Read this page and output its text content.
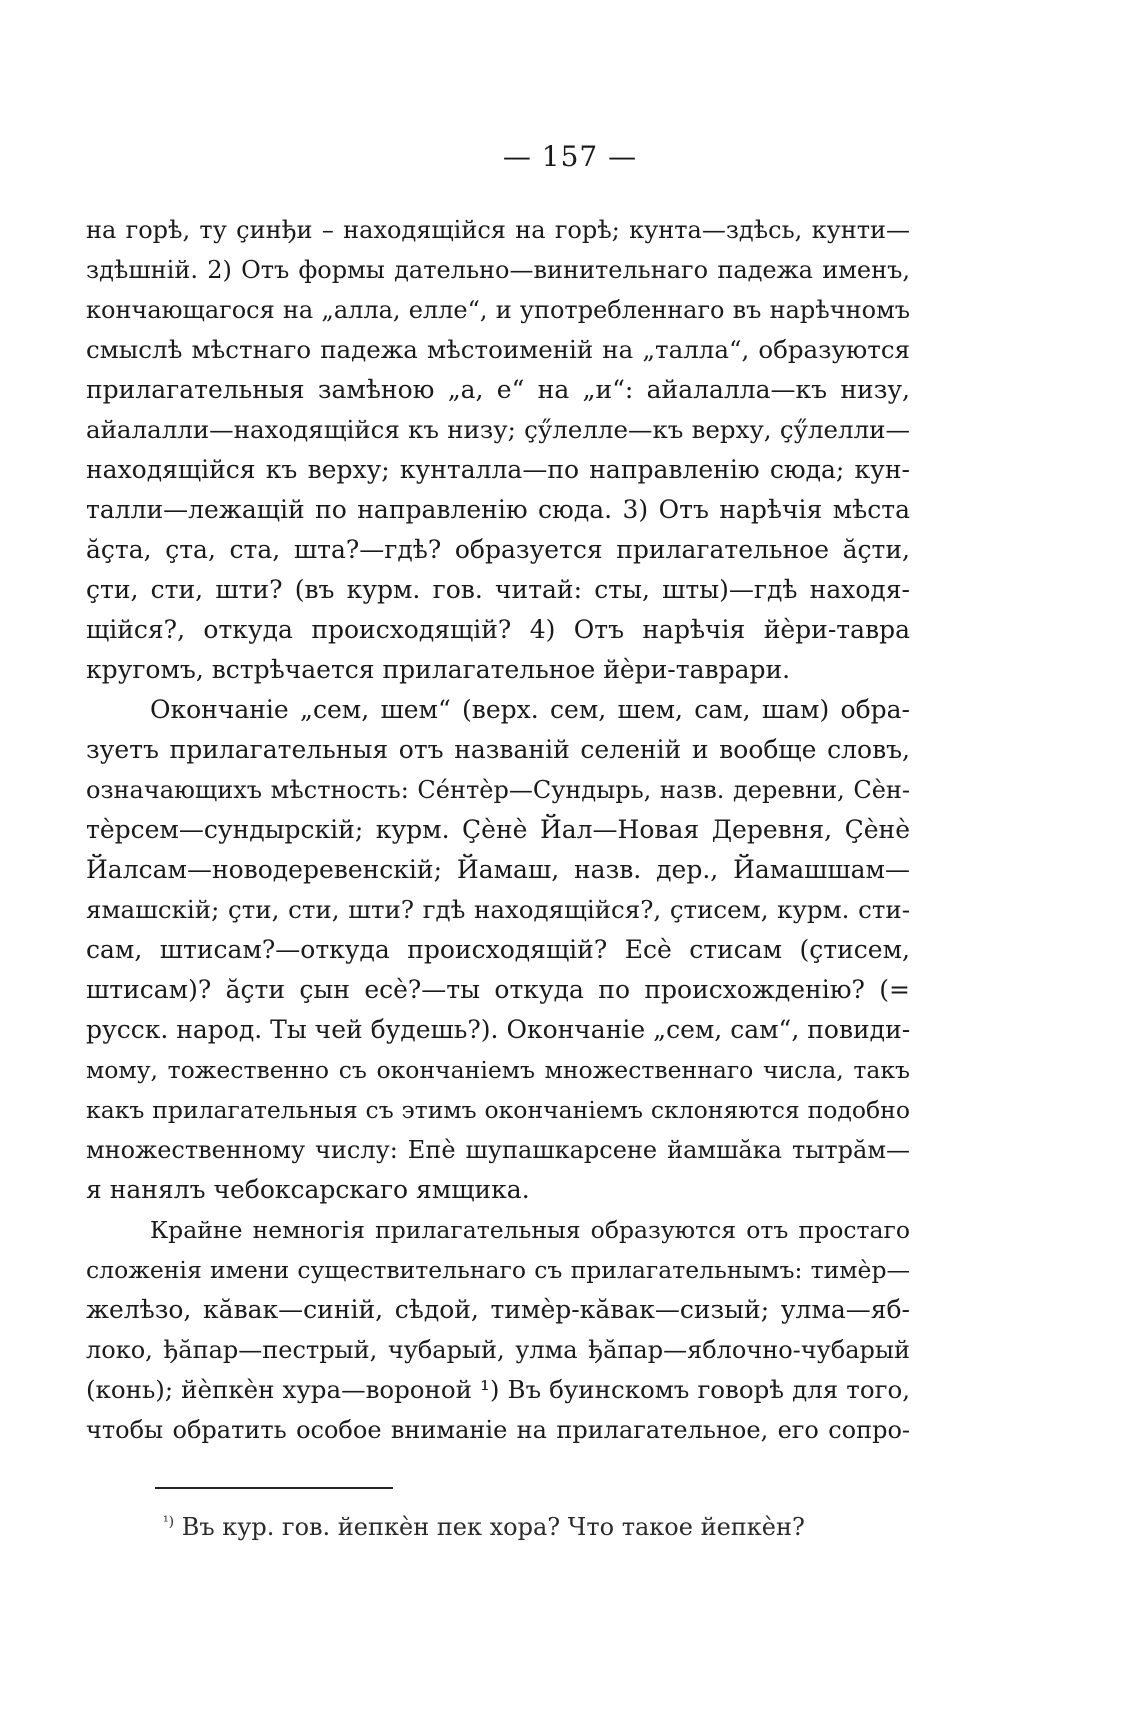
— 157 —

на горѣ, ту çинђи – находящійся на горѣ; кунта—здѣсь, кунти—
здѣшній. 2) Отъ формы дательно—винительнаго падежа именъ,
кончающагося на „алла, елле“, и употребленнаго въ нарѣчномъ
смыслѣ мѣстнаго падежа мѣстоименій на „талла“, образуются
прилагательныя замѣною „а, е“ на „и“: айалалла—къ низу,
айалалли—находящійся къ низу; çӳлелле—къ верху, çӳлелли—
находящійся къ верху; кунталла—по направленію сюда; кун-
талли—лежащій по направленію сюда. 3) Отъ нарѣчія мѣста
ӑçта, çта, ста, шта?—гдѣ? образуется прилагательное ӑçти,
çти, сти, шти? (въ курм. гов. читай: сты, шты)—гдѣ находя-
щійся?, откуда происходящій? 4) Отъ нарѣчія йѐри-тавра
кругомъ, встрѣчается прилагательное йѐри-таврари.

Окончаніе „сем, шем“ (верх. сем, шем, сам, шам) обра-
зуетъ прилагательныя отъ названій селеній и вообще словъ,
означающихъ мѣстность: Сéнтѐр—Сундырь, назв. деревни, Сѐн-
тѐрсем—сундырскій; курм. Çѐнѐ Йал—Новая Деревня, Çѐнѐ
Йалсам—новодеревенскій; Йамаш, назв. дер., Йамашшам—
ямашскій; çти, сти, шти? гдѣ находящійся?, çтисем, курм. сти-
сам, штисам?—откуда происходящій? Есѐ стисам (çтисем,
штисам)? ӑçти çын есѐ?—ты откуда по происхожденію? (=
русск. народ. Ты чей будешь?). Окончаніе „сем, сам“, повиди-
мому, тожественно съ окончаніемъ множественнаго числа, такъ
какъ прилагательныя съ этимъ окончаніемъ склоняются подобно
множественному числу: Епѐ шупашкарсене йамшӑка тытрӑм—
я нанялъ чебоксарскаго ямщика.

Крайне немногія прилагательныя образуются отъ простаго
сложенія имени существительнаго съ прилагательнымъ: тимѐр—
желѣзо, кӑвак—синій, сѣдой, тимѐр-кӑвак—сизый; улма—яб-
локо, ђӑпар—пестрый, чубарый, улма ђӑпар—яблочно-чубарый
(конь); йѐпкѐн хура—вороной ¹) Въ буинскомъ говорѣ для того,
чтобы обратить особое вниманіе на прилагательное, его сопро-

$^{^1)}$ Въ кур. гов. йепкѐн пек хора? Что такое йепкѐн?
